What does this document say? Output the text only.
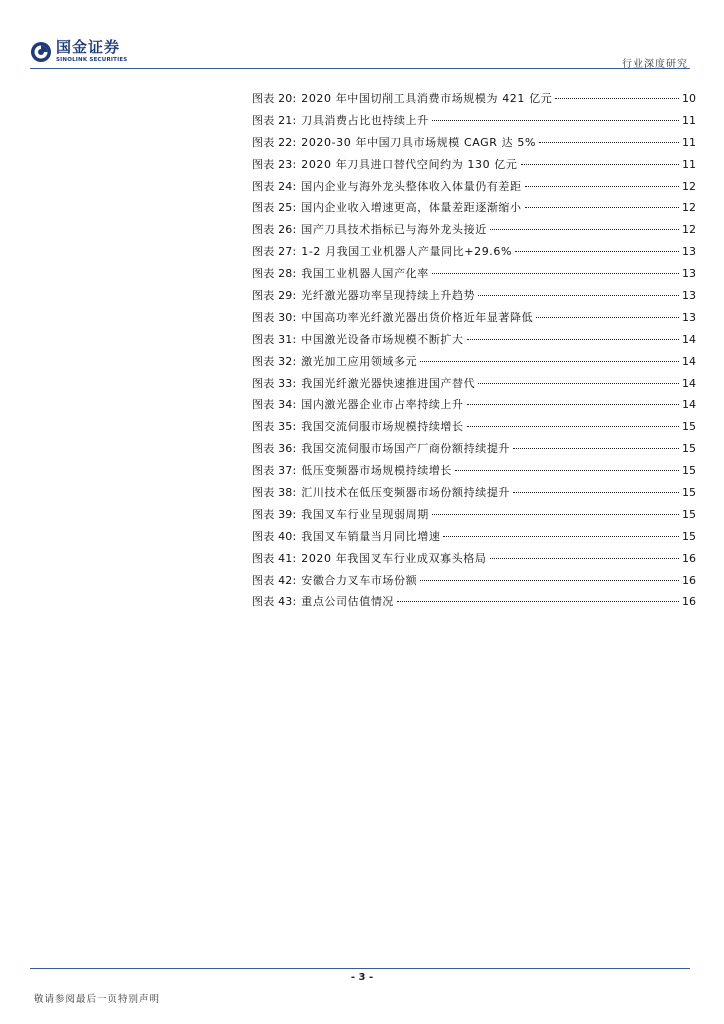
国金证券
SINOLINK SECURITIES	行业深度研究
图表 20 : 2020 年中国切削工具消费市场规模为 421 亿元	10
图表 21 : 刀具消费占比也持续上升	11
图表 22 : 2020-30 年中国刀具市场规模 CAGR 达 5%	11
图表 23 : 2020 年刀具进口替代空间约为 130 亿元	11
图表 24 : 国内企业与海外龙头整体收入体量仍有差距	12
图表 25 : 国内企业收入增速更高，体量差距逐渐缩小	12
图表 26 : 国产刀具技术指标已与海外龙头接近	12
图表 27 : 1-2 月我国工业机器人产量同比+29.6%	13
图表 28 : 我国工业机器人国产化率	13
图表 29 : 光纤激光器功率呈现持续上升趋势	13
图表 30 : 中国高功率光纤激光器出货价格近年显著降低	13
图表 31 : 中国激光设备市场规模不断扩大	14
图表 32 : 激光加工应用领域多元	14
图表 33 : 我国光纤激光器快速推进国产替代	14
图表 34 : 国内激光器企业市占率持续上升	14
图表 35 : 我国交流伺服市场规模持续增长	15
图表 36 : 我国交流伺服市场国产厂商份额持续提升	15
图表 37 : 低压变频器市场规模持续增长	15
图表 38 : 汇川技术在低压变频器市场份额持续提升	15
图表 39 : 我国叉车行业呈现弱周期	15
图表 40 : 我国叉车销量当月同比增速	15
图表 41 : 2020 年我国叉车行业成双寡头格局	16
图表 42 : 安徽合力叉车市场份额	16
图表 43 : 重点公司估值情况	16
- 3 -
敬请参阅最后一页特别声明
